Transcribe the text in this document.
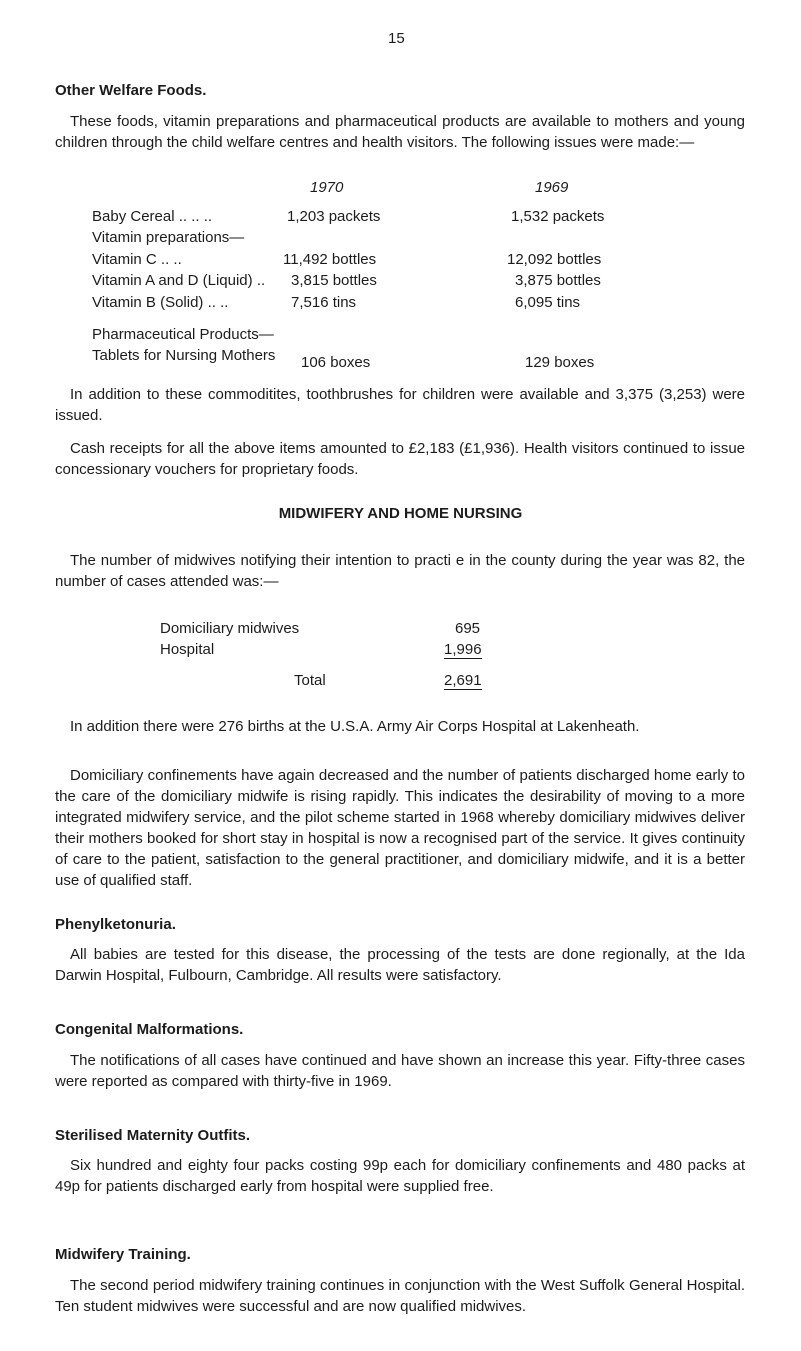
15
Other Welfare Foods.
These foods, vitamin preparations and pharmaceutical products are available to mothers and young children through the child welfare centres and health visitors. The following issues were made:—
1970	1969
Baby Cereal .. .. ..	1,203 packets	1,532 packets
Vitamin preparations—
Vitamin C .. ..	11,492 bottles	12,092 bottles
Vitamin A and D (Liquid) .. 3,815 bottles	3,875 bottles
Vitamin B (Solid) .. ..	7,516 tins	6,095 tins
Pharmaceutical Products—
Tablets for Nursing Mothers 106 boxes	129 boxes
In addition to these commoditites, toothbrushes for children were available and 3,375 (3,253) were issued.
Cash receipts for all the above items amounted to £2,183 (£1,936). Health visitors continued to issue concessionary vouchers for proprietary foods.
MIDWIFERY AND HOME NURSING
The number of midwives notifying their intention to practi e in the county during the year was 82, the number of cases attended was:—
Domiciliary midwives	695
Hospital	1,996
Total	2,691
In addition there were 276 births at the U.S.A. Army Air Corps Hospital at Lakenheath.
Domiciliary confinements have again decreased and the number of patients discharged home early to the care of the domiciliary midwife is rising rapidly. This indicates the desirability of moving to a more integrated midwifery service, and the pilot scheme started in 1968 whereby domiciliary midwives deliver their mothers booked for short stay in hospital is now a recognised part of the service. It gives continuity of care to the patient, satisfaction to the general practitioner, and domiciliary midwife, and it is a better use of qualified staff.
Phenylketonuria.
All babies are tested for this disease, the processing of the tests are done regionally, at the Ida Darwin Hospital, Fulbourn, Cambridge. All results were satisfactory.
Congenital Malformations.
The notifications of all cases have continued and have shown an increase this year. Fifty-three cases were reported as compared with thirty-five in 1969.
Sterilised Maternity Outfits.
Six hundred and eighty four packs costing 99p each for domiciliary confinements and 480 packs at 49p for patients discharged early from hospital were supplied free.
Midwifery Training.
The second period midwifery training continues in conjunction with the West Suffolk General Hospital. Ten student midwives were successful and are now qualified midwives.
